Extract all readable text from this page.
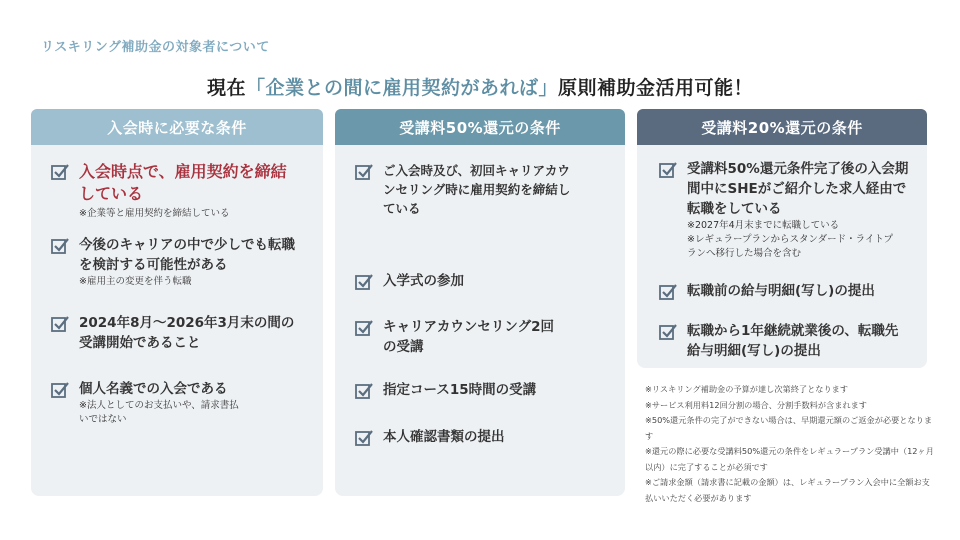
リスキリング補助金の対象者について
現在「企業との間に雇用契約があれば」原則補助金活用可能！
入会時に必要な条件
入会時点で、雇用契約を締結している
※企業等と雇用契約を締結している
今後のキャリアの中で少しでも転職を検討する可能性がある
※雇用主の変更を伴う転職
2024年8月～2026年3月末の間の受講開始であること
個人名義での入会である
※法人としてのお支払いや、請求書払いではない
受講料50%還元の条件
ご入会時及び、初回キャリアカウンセリング時に雇用契約を締結している
入学式の参加
キャリアカウンセリング2回の受講
指定コース15時間の受講
本人確認書類の提出
受講料20%還元の条件
受講料50%還元条件完了後の入会期間中にSHEがご紹介した求人経由で転職をしている
※2027年4月末までに転職している
※レギュラープランからスタンダード・ライトプランへ移行した場合を含む
転職前の給与明細(写し)の提出
転職から1年継続就業後の、転職先給与明細(写し)の提出
※リスキリング補助金の予算が達し次第終了となります
※サービス利用料12回分割の場合、分割手数料が含まれます
※50%還元条件の完了ができない場合は、早期還元額のご返金が必要となります
※還元の際に必要な受講料50%還元の条件をレギュラープラン受講中（12ヶ月以内）に完了することが必須です
※ご請求金額（請求書に記載の金額）は、レギュラープラン入会中に全額お支払いいただく必要があります
